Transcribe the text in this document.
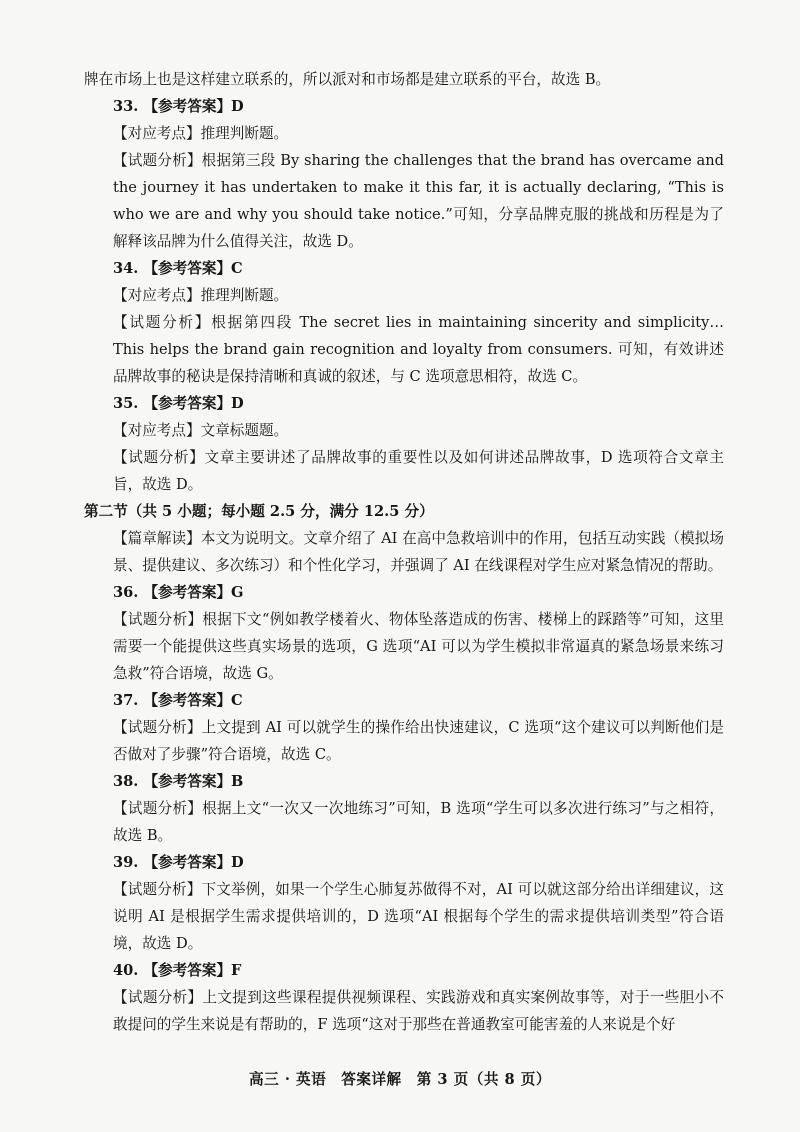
牌在市场上也是这样建立联系的，所以派对和市场都是建立联系的平台，故选 B。

33. 【参考答案】D

【对应考点】推理判断题。

【试题分析】根据第三段 By sharing the challenges that the brand has overcame and the journey it has undertaken to make it this far, it is actually declaring, “This is who we are and why you should take notice.”可知，分享品牌克服的挑战和历程是为了解释该品牌为什么值得关注，故选 D。

34. 【参考答案】C

【对应考点】推理判断题。

【试题分析】根据第四段 The secret lies in maintaining sincerity and simplicity… This helps the brand gain recognition and loyalty from consumers. 可知，有效讲述品牌故事的秘诀是保持清晰和真诚的叙述，与 C 选项意思相符，故选 C。

35. 【参考答案】D

【对应考点】文章标题题。

【试题分析】文章主要讲述了品牌故事的重要性以及如何讲述品牌故事，D 选项符合文章主旨，故选 D。

第二节（共 5 小题；每小题 2.5 分，满分 12.5 分）

【篇章解读】本文为说明文。文章介绍了 AI 在高中急救培训中的作用，包括互动实践（模拟场景、提供建议、多次练习）和个性化学习，并强调了 AI 在线课程对学生应对紧急情况的帮助。

36. 【参考答案】G

【试题分析】根据下文“例如教学楼着火、物体坠落造成的伤害、楼梯上的踩踏等”可知，这里需要一个能提供这些真实场景的选项，G 选项“AI 可以为学生模拟非常逼真的紧急场景来练习急救”符合语境，故选 G。

37. 【参考答案】C

【试题分析】上文提到 AI 可以就学生的操作给出快速建议，C 选项“这个建议可以判断他们是否做对了步骤”符合语境，故选 C。

38. 【参考答案】B

【试题分析】根据上文“一次又一次地练习”可知，B 选项“学生可以多次进行练习”与之相符，故选 B。

39. 【参考答案】D

【试题分析】下文举例，如果一个学生心肺复苏做得不对，AI 可以就这部分给出详细建议，这说明 AI 是根据学生需求提供培训的，D 选项“AI 根据每个学生的需求提供培训类型”符合语境，故选 D。

40. 【参考答案】F

【试题分析】上文提到这些课程提供视频课程、实践游戏和真实案例故事等，对于一些胆小不敢提问的学生来说是有帮助的，F 选项“这对于那些在普通教室可能害羞的人来说是个好

高三 · 英语　答案详解　第 3 页（共 8 页）
